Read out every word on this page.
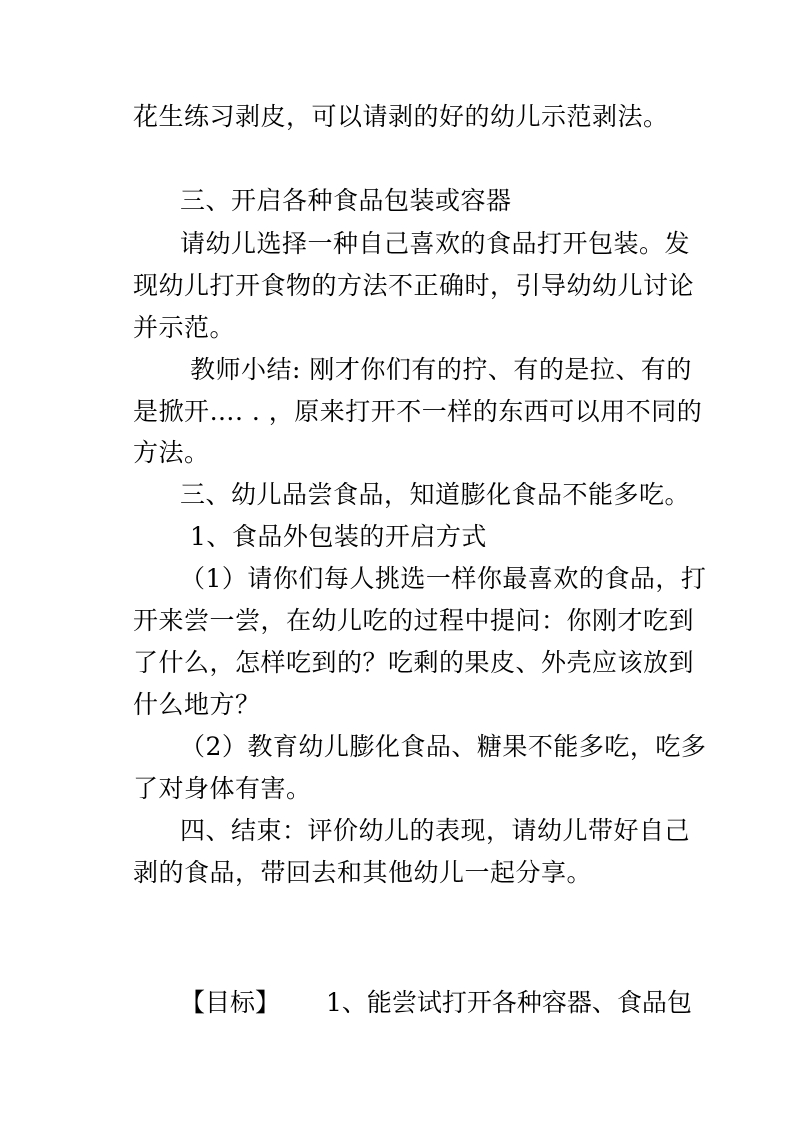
花生练习剥皮，可以请剥的好的幼儿示范剥法。
三、开启各种食品包装或容器
请幼儿选择一种自己喜欢的食品打开包装。发
现幼儿打开食物的方法不正确时，引导幼幼儿讨论
并示范。
教师小结: 刚才你们有的拧、有的是拉、有的
是掀开…. . ，原来打开不一样的东西可以用不同的
方法。
三、幼儿品尝食品，知道膨化食品不能多吃。
1、食品外包装的开启方式
（1）请你们每人挑选一样你最喜欢的食品，打
开来尝一尝，在幼儿吃的过程中提问：你刚才吃到
了什么，怎样吃到的？吃剩的果皮、外壳应该放到
什么地方？
（2）教育幼儿膨化食品、糖果不能多吃，吃多
了对身体有害。
四、结束：评价幼儿的表现，请幼儿带好自己
剥的食品，带回去和其他幼儿一起分享。
【目标】 1、能尝试打开各种容器、食品包
